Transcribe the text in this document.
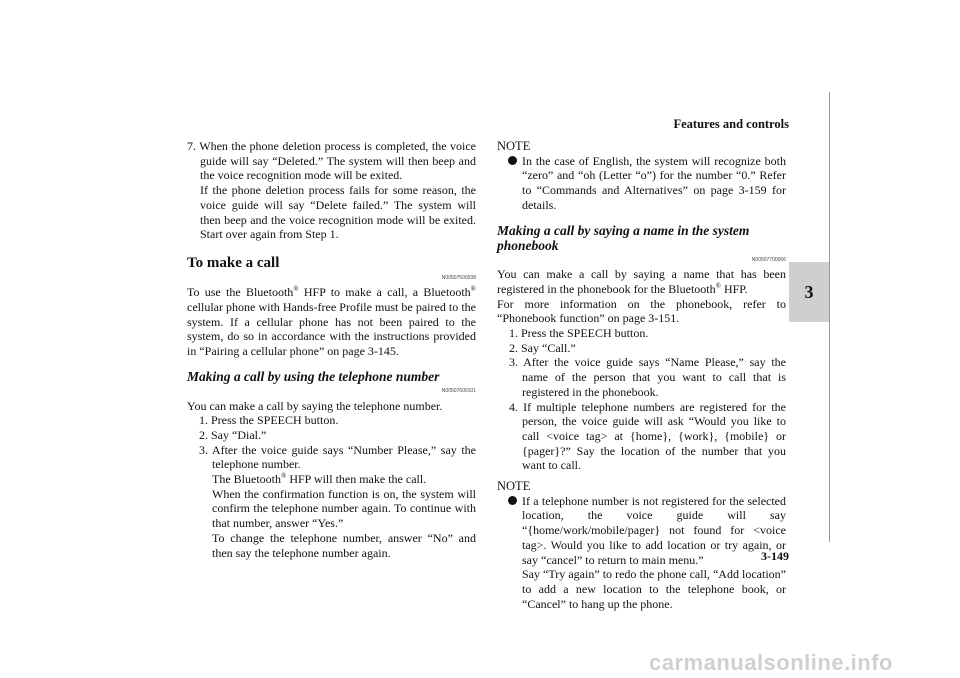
Features and controls
3

7. When the phone deletion process is completed, the voice guide will say “Deleted.” The system will then beep and the voice recognition mode will be exited.

If the phone deletion process fails for some reason, the voice guide will say “Delete failed.” The system will then beep and the voice recognition mode will be exited. Start over again from Step 1.

To make a call
N00507500038

To use the Bluetooth® HFP to make a call, a Bluetooth® cellular phone with Hands-free Profile must be paired to the system. If a cellular phone has not been paired to the system, do so in accordance with the instructions provided in “Pairing a cellular phone” on page 3-145.

Making a call by using the telephone number
N00507600101

You can make a call by saying the telephone number.

1. Press the SPEECH button.

2. Say “Dial.”

3. After the voice guide says “Number Please,” say the telephone number.

The Bluetooth® HFP will then make the call.

When the confirmation function is on, the system will confirm the telephone number again. To continue with that number, answer “Yes.”

To change the telephone number, answer “No” and then say the telephone number again.

NOTE

In the case of English, the system will recognize both “zero” and “oh (Letter “o”) for the number “0.” Refer to “Commands and Alternatives” on page 3-159 for details.

Making a call by saying a name in the system phonebook
N00507700056

You can make a call by saying a name that has been registered in the phonebook for the Bluetooth® HFP.

For more information on the phonebook, refer to “Phonebook function” on page 3-151.

1. Press the SPEECH button.

2. Say “Call.”

3. After the voice guide says “Name Please,” say the name of the person that you want to call that is registered in the phonebook.

4. If multiple telephone numbers are registered for the person, the voice guide will ask “Would you like to call <voice tag> at {home}, {work}, {mobile} or {pager}?” Say the location of the number that you want to call.

NOTE

If a telephone number is not registered for the selected location, the voice guide will say “{home/work/mobile/pager} not found for <voice tag>. Would you like to add location or try again, or say “cancel” to return to main menu.”

Say “Try again” to redo the phone call, “Add location” to add a new location to the telephone book, or “Cancel” to hang up the phone.

3-149
carmanualsonline.info
